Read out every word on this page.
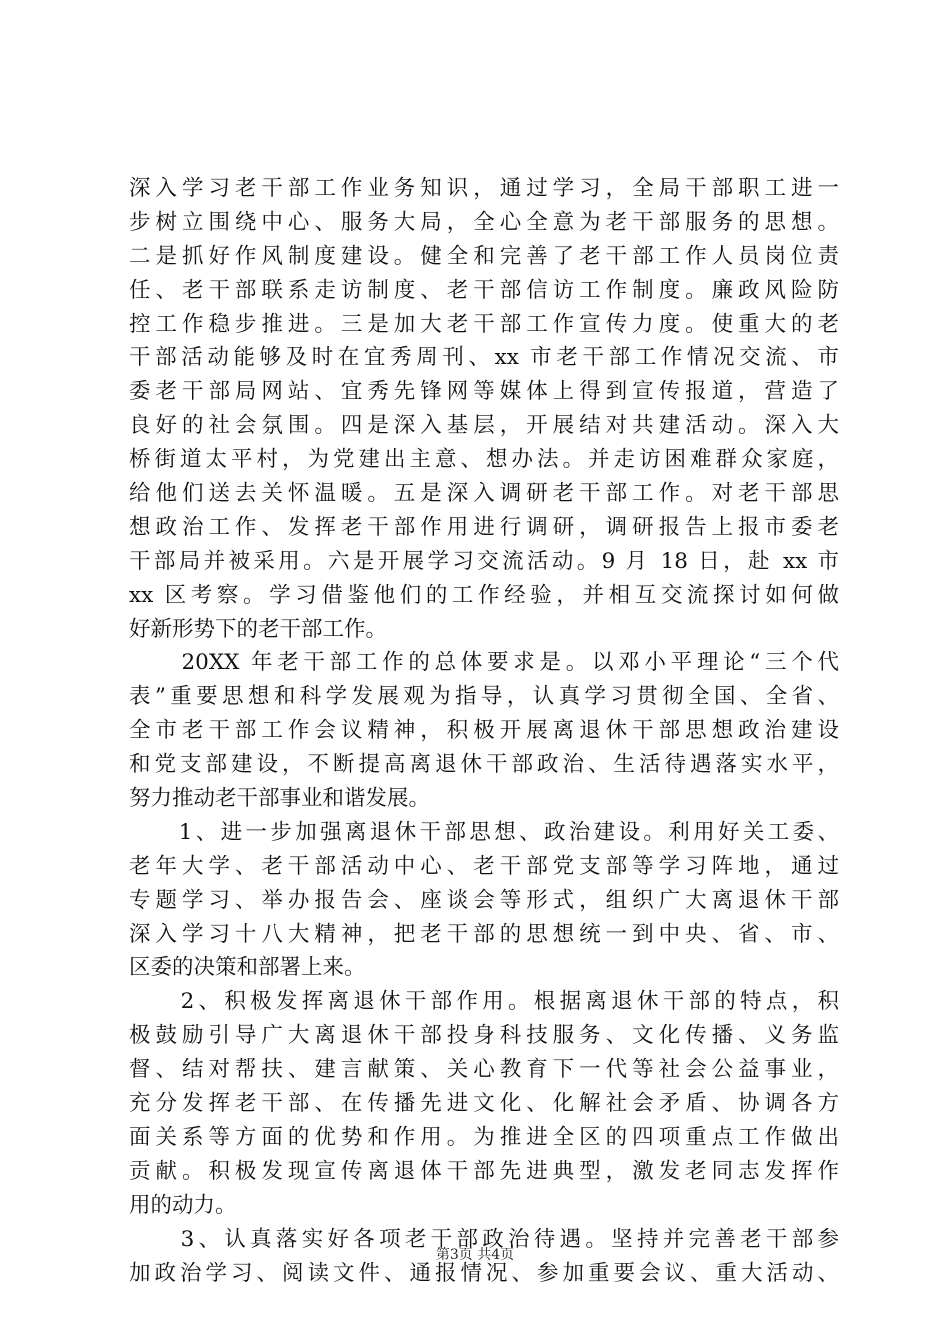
深入学习老干部工作业务知识，通过学习，全局干部职工进一
步树立围绕中心、服务大局，全心全意为老干部服务的思想。
二是抓好作风制度建设。健全和完善了老干部工作人员岗位责
任、老干部联系走访制度、老干部信访工作制度。廉政风险防
控工作稳步推进。三是加大老干部工作宣传力度。使重大的老
干部活动能够及时在宜秀周刊、xx 市老干部工作情况交流、市
委老干部局网站、宜秀先锋网等媒体上得到宣传报道，营造了
良好的社会氛围。四是深入基层，开展结对共建活动。深入大
桥街道太平村，为党建出主意、想办法。并走访困难群众家庭，
给他们送去关怀温暖。五是深入调研老干部工作。对老干部思
想政治工作、发挥老干部作用进行调研，调研报告上报市委老
干部局并被采用。六是开展学习交流活动。9 月 18 日，赴 xx 市
xx 区考察。学习借鉴他们的工作经验，并相互交流探讨如何做
好新形势下的老干部工作。
　　20XX 年老干部工作的总体要求是。以邓小平理论“三个代
表”重要思想和科学发展观为指导，认真学习贯彻全国、全省、
全市老干部工作会议精神，积极开展离退休干部思想政治建设
和党支部建设，不断提高离退休干部政治、生活待遇落实水平，
努力推动老干部事业和谐发展。
　　1、进一步加强离退休干部思想、政治建设。利用好关工委、
老年大学、老干部活动中心、老干部党支部等学习阵地，通过
专题学习、举办报告会、座谈会等形式，组织广大离退休干部
深入学习十八大精神，把老干部的思想统一到中央、省、市、
区委的决策和部署上来。
　　2、积极发挥离退休干部作用。根据离退休干部的特点，积
极鼓励引导广大离退休干部投身科技服务、文化传播、义务监
督、结对帮扶、建言献策、关心教育下一代等社会公益事业，
充分发挥老干部、在传播先进文化、化解社会矛盾、协调各方
面关系等方面的优势和作用。为推进全区的四项重点工作做出
贡献。积极发现宣传离退体干部先进典型，激发老同志发挥作
用的动力。
　　3、认真落实好各项老干部政治待遇。坚持并完善老干部参
加政治学习、阅读文件、通报情况、参加重要会议、重大活动、
第3页 共4页
